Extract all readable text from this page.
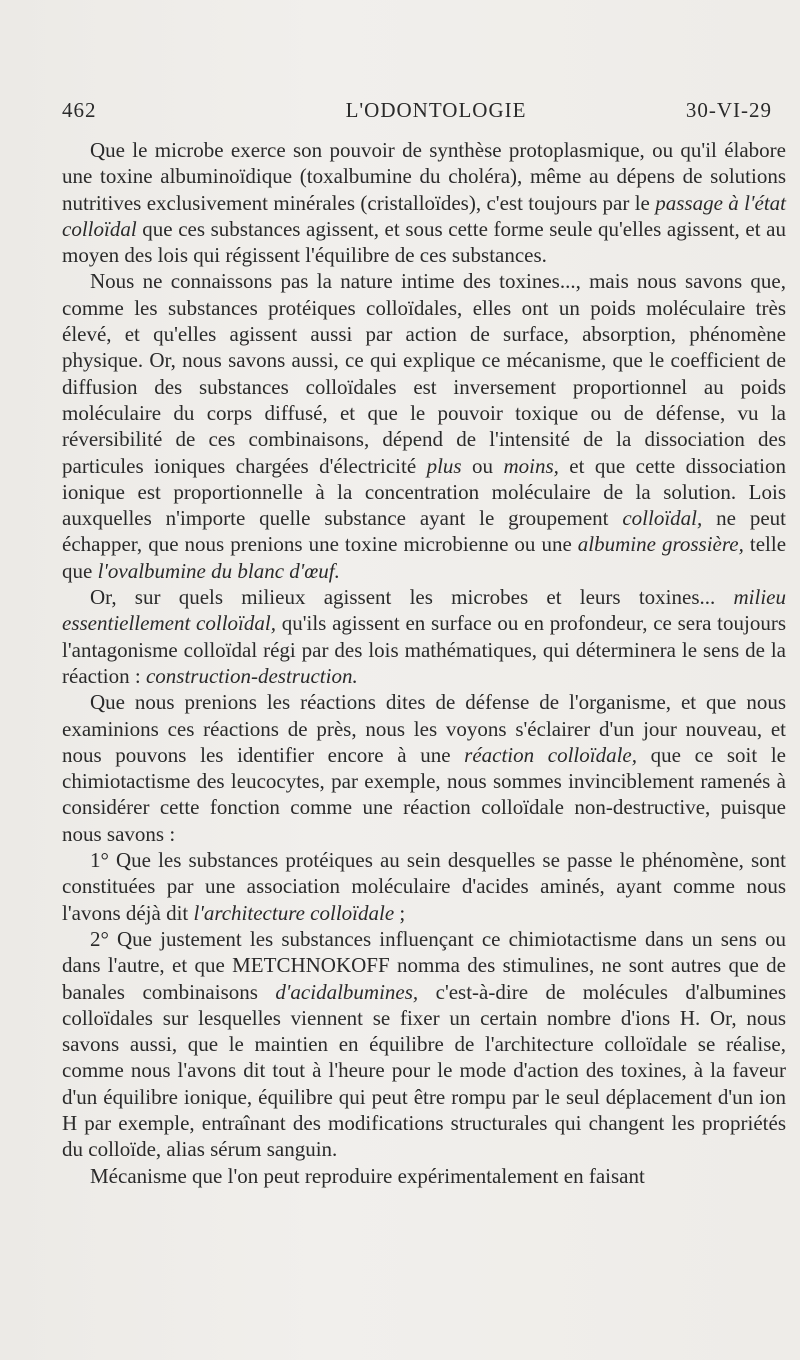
462	L'ODONTOLOGIE	30-VI-29

Que le microbe exerce son pouvoir de synthèse protoplasmique, ou qu'il élabore une toxine albuminoïdique (toxalbumine du choléra), même au dépens de solutions nutritives exclusivement minérales (cristalloïdes), c'est toujours par le passage à l'état colloïdal que ces substances agissent, et sous cette forme seule qu'elles agissent, et au moyen des lois qui régissent l'équilibre de ces substances.

Nous ne connaissons pas la nature intime des toxines..., mais nous savons que, comme les substances protéiques colloïdales, elles ont un poids moléculaire très élevé, et qu'elles agissent aussi par action de surface, absorption, phénomène physique. Or, nous savons aussi, ce qui explique ce mécanisme, que le coefficient de diffusion des substances colloïdales est inversement proportionnel au poids moléculaire du corps diffusé, et que le pouvoir toxique ou de défense, vu la réversibilité de ces combinaisons, dépend de l'intensité de la dissociation des particules ioniques chargées d'électricité plus ou moins, et que cette dissociation ionique est proportionnelle à la concentration moléculaire de la solution. Lois auxquelles n'importe quelle substance ayant le groupement colloïdal, ne peut échapper, que nous prenions une toxine microbienne ou une albumine grossière, telle que l'ovalbumine du blanc d'œuf.

Or, sur quels milieux agissent les microbes et leurs toxines... milieu essentiellement colloïdal, qu'ils agissent en surface ou en profondeur, ce sera toujours l'antagonisme colloïdal régi par des lois mathématiques, qui déterminera le sens de la réaction : construction-destruction.

Que nous prenions les réactions dites de défense de l'organisme, et que nous examinions ces réactions de près, nous les voyons s'éclairer d'un jour nouveau, et nous pouvons les identifier encore à une réaction colloïdale, que ce soit le chimiotactisme des leucocytes, par exemple, nous sommes invinciblement ramenés à considérer cette fonction comme une réaction colloïdale non-destructive, puisque nous savons :

1° Que les substances protéiques au sein desquelles se passe le phénomène, sont constituées par une association moléculaire d'acides aminés, ayant comme nous l'avons déjà dit l'architecture colloïdale ;

2° Que justement les substances influençant ce chimiotactisme dans un sens ou dans l'autre, et que METCHNOKOFF nomma des stimulines, ne sont autres que de banales combinaisons d'acidalbumines, c'est-à-dire de molécules d'albumines colloïdales sur lesquelles viennent se fixer un certain nombre d'ions H. Or, nous savons aussi, que le maintien en équilibre de l'architecture colloïdale se réalise, comme nous l'avons dit tout à l'heure pour le mode d'action des toxines, à la faveur d'un équilibre ionique, équilibre qui peut être rompu par le seul déplacement d'un ion H par exemple, entraînant des modifications structurales qui changent les propriétés du colloïde, alias sérum sanguin.

Mécanisme que l'on peut reproduire expérimentalement en faisant
